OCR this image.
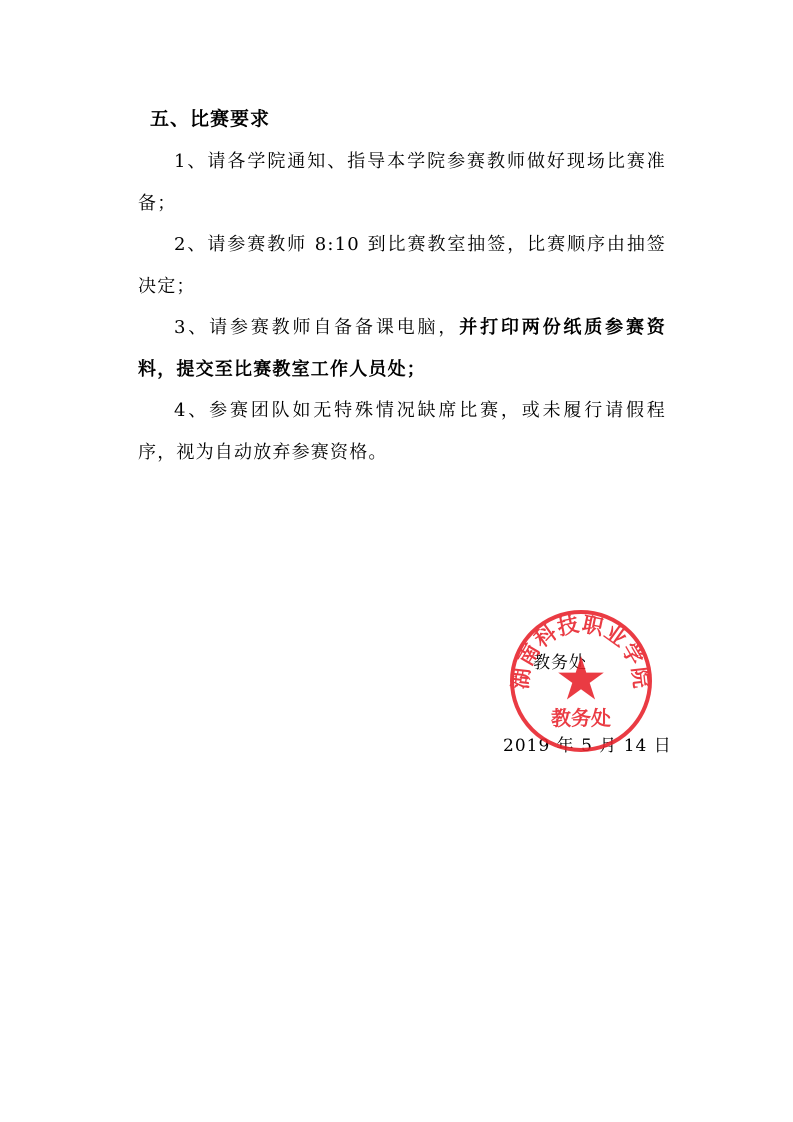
五、比赛要求

1、请各学院通知、指导本学院参赛教师做好现场比赛准备；

2、请参赛教师 8:10 到比赛教室抽签，比赛顺序由抽签决定；

3、请参赛教师自备备课电脑，并打印两份纸质参赛资料，提交至比赛教室工作人员处；

4、参赛团队如无特殊情况缺席比赛，或未履行请假程序，视为自动放弃参赛资格。

教务处
2019 年 5 月 14 日
湖南科技职业学院
教务处
